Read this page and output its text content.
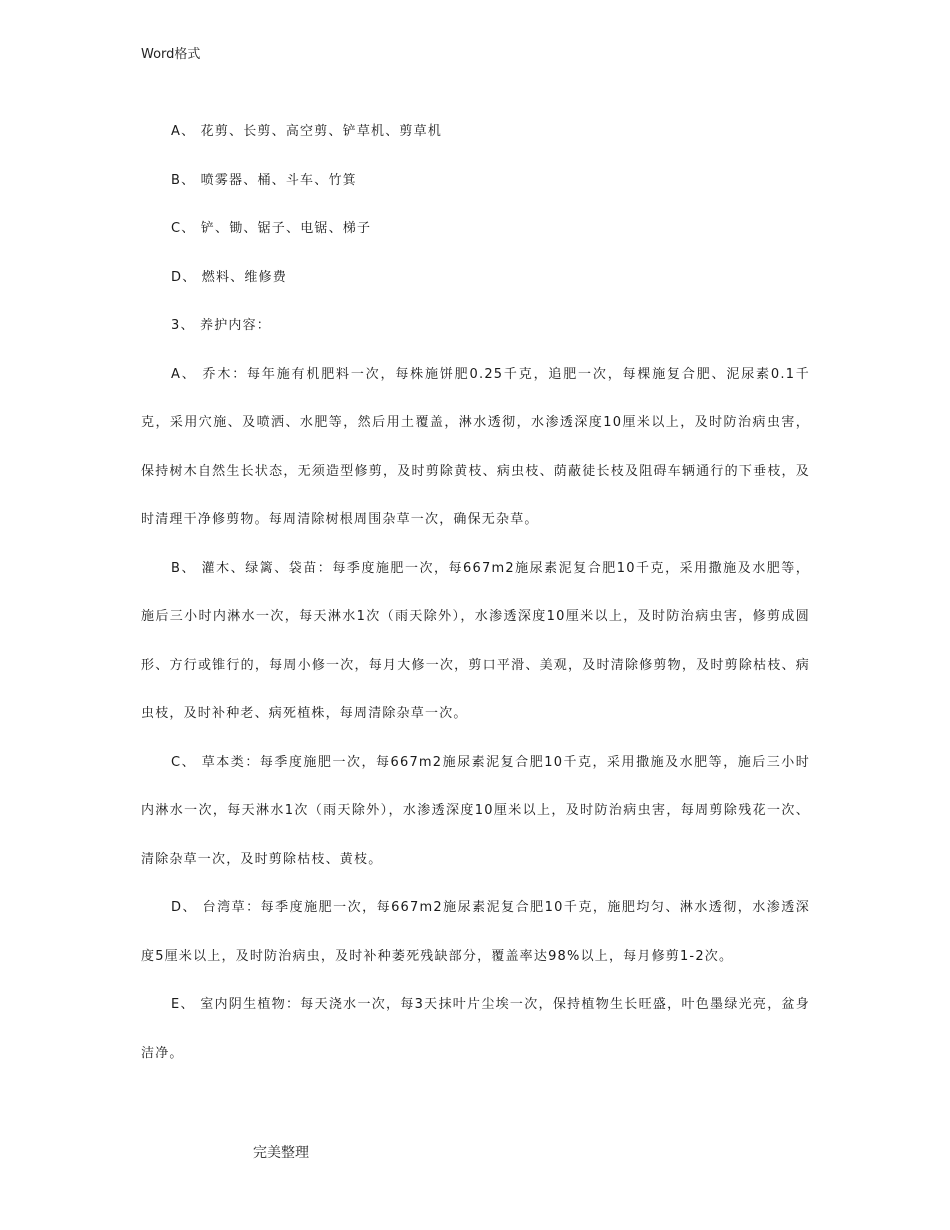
Word格式

A、 花剪、长剪、高空剪、铲草机、剪草机

B、 喷雾器、桶、斗车、竹箕

C、 铲、锄、锯子、电锯、梯子

D、 燃料、维修费

3、 养护内容：

A、 乔木：每年施有机肥料一次，每株施饼肥0.25千克，追肥一次，每棵施复合肥、泥尿素0.1千克，采用穴施、及喷洒、水肥等，然后用土覆盖，淋水透彻，水渗透深度10厘米以上，及时防治病虫害，保持树木自然生长状态，无须造型修剪，及时剪除黄枝、病虫枝、荫蔽徒长枝及阻碍车辆通行的下垂枝，及时清理干净修剪物。每周清除树根周围杂草一次，确保无杂草。

B、 灌木、绿篱、袋苗：每季度施肥一次，每667m2施尿素泥复合肥10千克，采用撒施及水肥等，施后三小时内淋水一次，每天淋水1次（雨天除外），水渗透深度10厘米以上，及时防治病虫害，修剪成圆形、方行或锥行的，每周小修一次，每月大修一次，剪口平滑、美观，及时清除修剪物，及时剪除枯枝、病虫枝，及时补种老、病死植株，每周清除杂草一次。

C、 草本类：每季度施肥一次，每667m2施尿素泥复合肥10千克，采用撒施及水肥等，施后三小时内淋水一次，每天淋水1次（雨天除外），水渗透深度10厘米以上，及时防治病虫害，每周剪除残花一次、清除杂草一次，及时剪除枯枝、黄枝。

D、 台湾草：每季度施肥一次，每667m2施尿素泥复合肥10千克，施肥均匀、淋水透彻，水渗透深度5厘米以上，及时防治病虫，及时补种萎死残缺部分，覆盖率达98%以上，每月修剪1-2次。

E、 室内阴生植物：每天浇水一次，每3天抹叶片尘埃一次，保持植物生长旺盛，叶色墨绿光亮，盆身洁净。

完美整理
